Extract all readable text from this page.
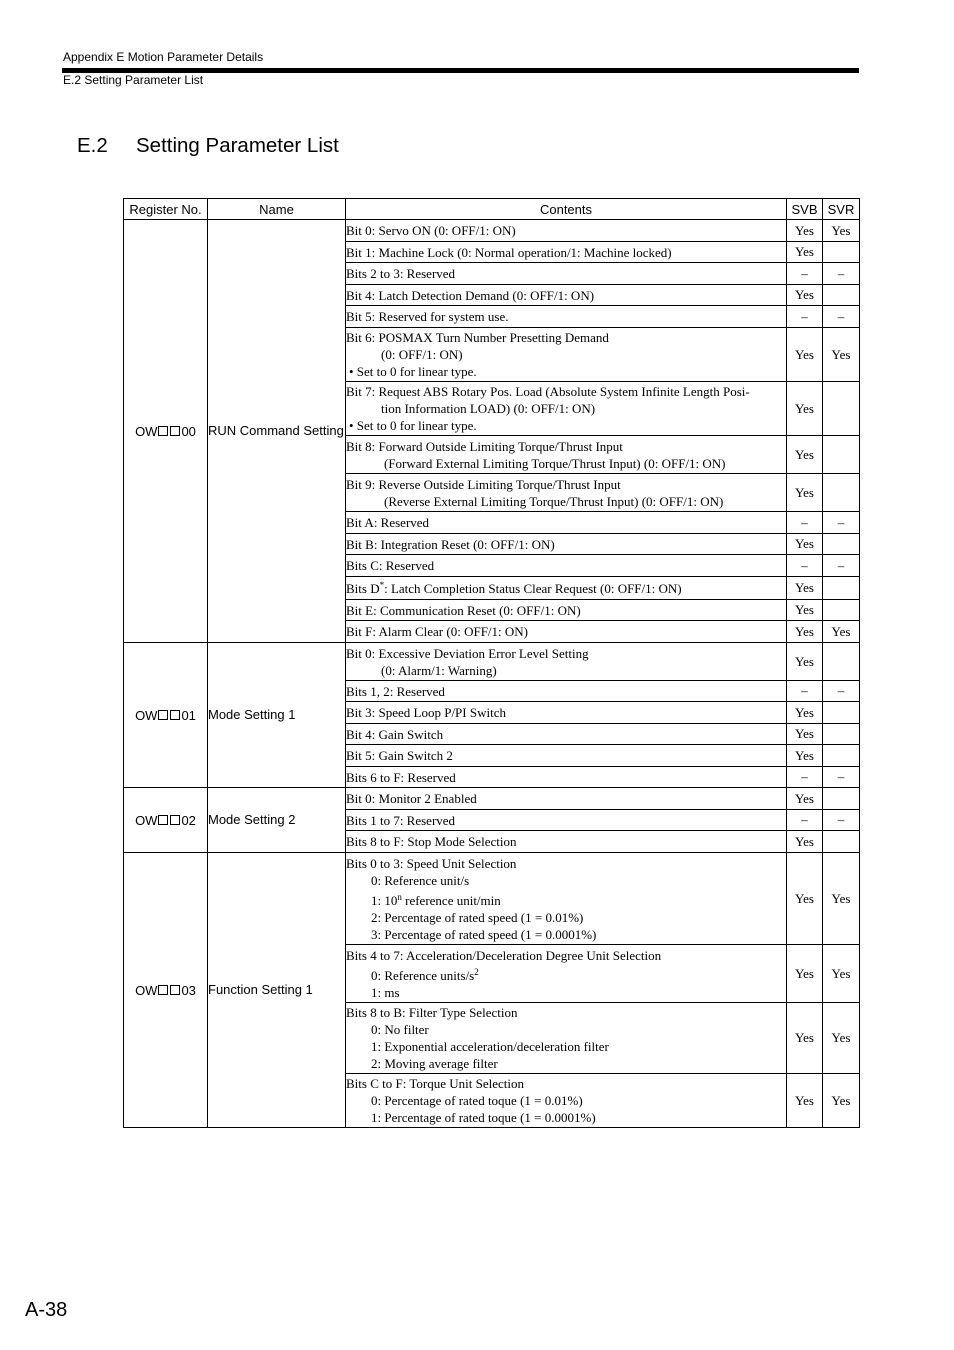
Appendix E Motion Parameter Details
E.2 Setting Parameter List
E.2 Setting Parameter List
Register No.	Name	Contents	SVB	SVR
OW 00	RUN Command Setting	Bit 0: Servo ON (0: OFF/1: ON)	Yes	Yes

		Bit 1: Machine Lock (0: Normal operation/1: Machine locked)	Yes	

		Bits 2 to 3: Reserved	–	–

		Bit 4: Latch Detection Demand (0: OFF/1: ON)	Yes	

		Bit 5: Reserved for system use.	–	–

		Bit 6: POSMAX Turn Number Presetting Demand
(0: OFF/1: ON)
• Set to 0 for linear type.	Yes	Yes

		Bit 7: Request ABS Rotary Pos. Load (Absolute System Infinite Length Posi-
tion Information LOAD) (0: OFF/1: ON)
• Set to 0 for linear type.	Yes	

		Bit 8: Forward Outside Limiting Torque/Thrust Input
(Forward External Limiting Torque/Thrust Input) (0: OFF/1: ON)	Yes	

		Bit 9: Reverse Outside Limiting Torque/Thrust Input
(Reverse External Limiting Torque/Thrust Input) (0: OFF/1: ON)	Yes	

		Bit A: Reserved	–	–

		Bit B: Integration Reset (0: OFF/1: ON)	Yes	

		Bits C: Reserved	–	–

		Bits D*: Latch Completion Status Clear Request (0: OFF/1: ON)	Yes	

		Bit E: Communication Reset (0: OFF/1: ON)	Yes	

		Bit F: Alarm Clear (0: OFF/1: ON)	Yes	Yes
OW 01	Mode Setting 1	Bit 0: Excessive Deviation Error Level Setting
(0: Alarm/1: Warning)	Yes	

		Bits 1, 2: Reserved	–	–

		Bit 3: Speed Loop P/PI Switch	Yes	

		Bit 4: Gain Switch	Yes	

		Bit 5: Gain Switch 2	Yes	

		Bits 6 to F: Reserved	–	–
OW 02	Mode Setting 2	Bit 0: Monitor 2 Enabled	Yes	

		Bits 1 to 7: Reserved	–	–

		Bits 8 to F: Stop Mode Selection	Yes	
OW 03	Function Setting 1	Bits 0 to 3: Speed Unit Selection
0: Reference unit/s
1: 10$^n$ reference unit/min
2: Percentage of rated speed (1 = 0.01%)
3: Percentage of rated speed (1 = 0.0001%)	Yes	Yes

		Bits 4 to 7: Acceleration/Deceleration Degree Unit Selection
0: Reference units/$s^2$
1: ms	Yes	Yes

		Bits 8 to B: Filter Type Selection
0: No filter
1: Exponential acceleration/deceleration filter
2: Moving average filter	Yes	Yes

		Bits C to F: Torque Unit Selection
0: Percentage of rated toque (1 = 0.01%)
1: Percentage of rated toque (1 = 0.0001%)	Yes	Yes
A-38
